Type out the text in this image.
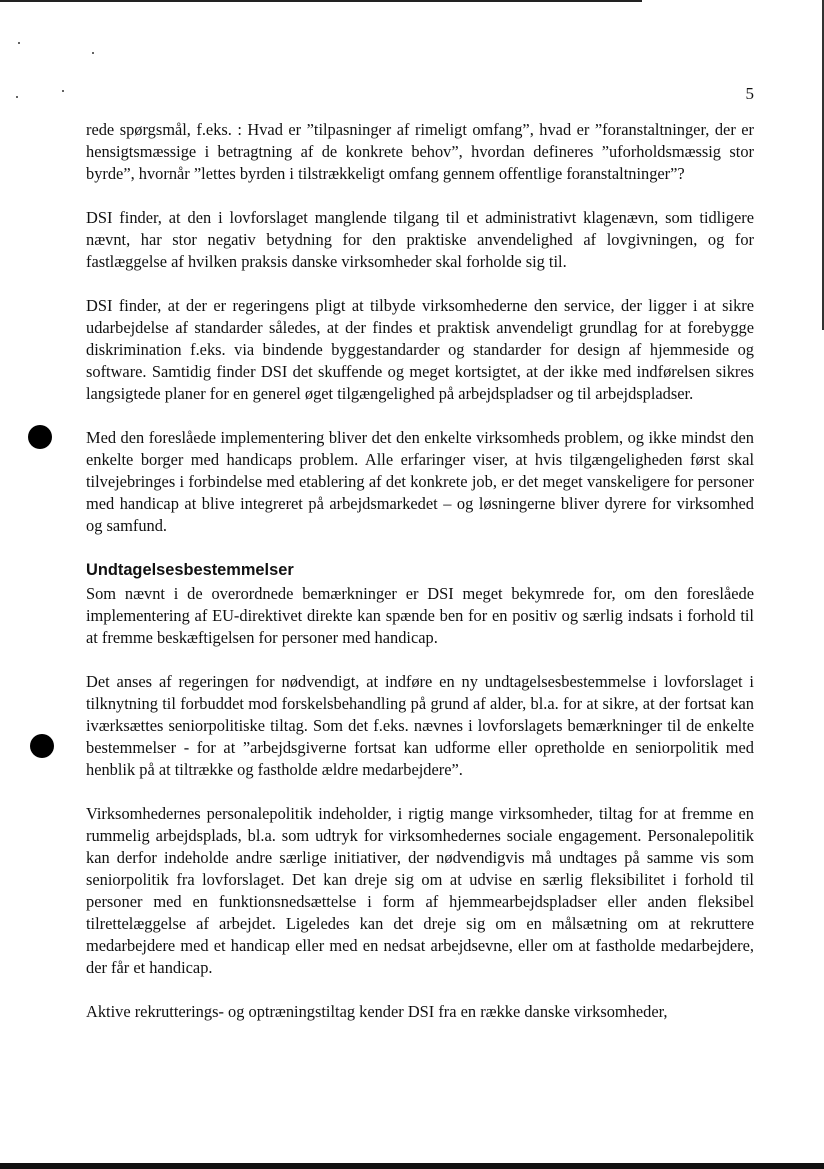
5

rede spørgsmål, f.eks. : Hvad er ”tilpasninger af rimeligt omfang”, hvad er ”foranstaltninger, der er hensigtsmæssige i betragtning af de konkrete behov”, hvordan defineres ”uforholdsmæssig stor byrde”, hvornår ”lettes byrden i tilstrækkeligt omfang gennem offentlige foranstaltninger”?

DSI finder, at den i lovforslaget manglende tilgang til et administrativt klagenævn, som tidligere nævnt, har stor negativ betydning for den praktiske anvendelighed af lovgivningen, og for fastlæggelse af hvilken praksis danske virksomheder skal forholde sig til.

DSI finder, at der er regeringens pligt at tilbyde virksomhederne den service, der ligger i at sikre udarbejdelse af standarder således, at der findes et praktisk anvendeligt grundlag for at forebygge diskrimination f.eks. via bindende byggestandarder og standarder for design af hjemmeside og software. Samtidig finder DSI det skuffende og meget kortsigtet, at der ikke med indførelsen sikres langsigtede planer for en generel øget tilgængelighed på arbejdspladser og til arbejdspladser.

Med den foreslåede implementering bliver det den enkelte virksomheds problem, og ikke mindst den enkelte borger med handicaps problem. Alle erfaringer viser, at hvis tilgængeligheden først skal tilvejebringes i forbindelse med etablering af det konkrete job, er det meget vanskeligere for personer med handicap at blive integreret på arbejdsmarkedet – og løsningerne bliver dyrere for virksomhed og samfund.

Undtagelsesbestemmelser

Som nævnt i de overordnede bemærkninger er DSI meget bekymrede for, om den foreslåede implementering af EU-direktivet direkte kan spænde ben for en positiv og særlig indsats i forhold til at fremme beskæftigelsen for personer med handicap.

Det anses af regeringen for nødvendigt, at indføre en ny undtagelsesbestemmelse i lovforslaget i tilknytning til forbuddet mod forskelsbehandling på grund af alder, bl.a. for at sikre, at der fortsat kan iværksættes seniorpolitiske tiltag. Som det f.eks. nævnes i lovforslagets bemærkninger til de enkelte bestemmelser - for at ”arbejdsgiverne fortsat kan udforme eller opretholde en seniorpolitik med henblik på at tiltrække og fastholde ældre medarbejdere”.

Virksomhedernes personalepolitik indeholder, i rigtig mange virksomheder, tiltag for at fremme en rummelig arbejdsplads, bl.a. som udtryk for virksomhedernes sociale engagement. Personalepolitik kan derfor indeholde andre særlige initiativer, der nødvendigvis må undtages på samme vis som seniorpolitik fra lovforslaget. Det kan dreje sig om at udvise en særlig fleksibilitet i forhold til personer med en funktionsnedsættelse i form af hjemmearbejdspladser eller anden fleksibel tilrettelæggelse af arbejdet. Ligeledes kan det dreje sig om en målsætning om at rekruttere medarbejdere med et handicap eller med en nedsat arbejdsevne, eller om at fastholde medarbejdere, der får et handicap.

Aktive rekrutterings- og optræningstiltag kender DSI fra en række danske virksomheder,
